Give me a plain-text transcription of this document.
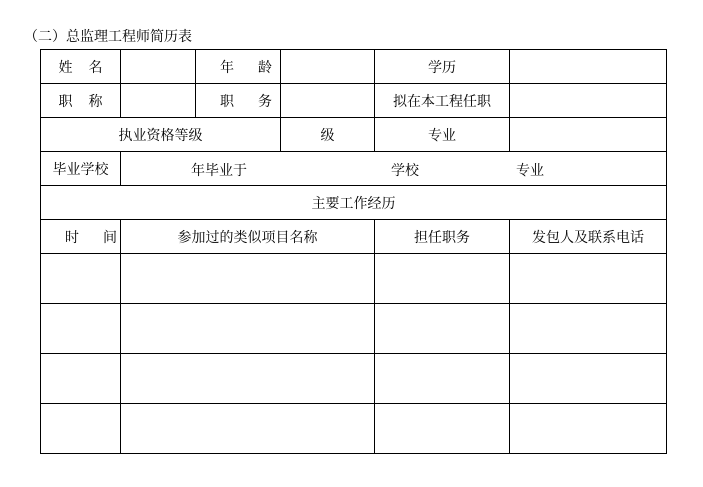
（二）总监理工程师简历表
姓名		年龄		学历	
职称		职务		拟在本工程任职	
执业资格等级			级	专业	
毕业学校	年毕业于 学校 专业				

主要工作经历					
时间	参加过的类似项目名称			担任职务	发包人及联系电话
